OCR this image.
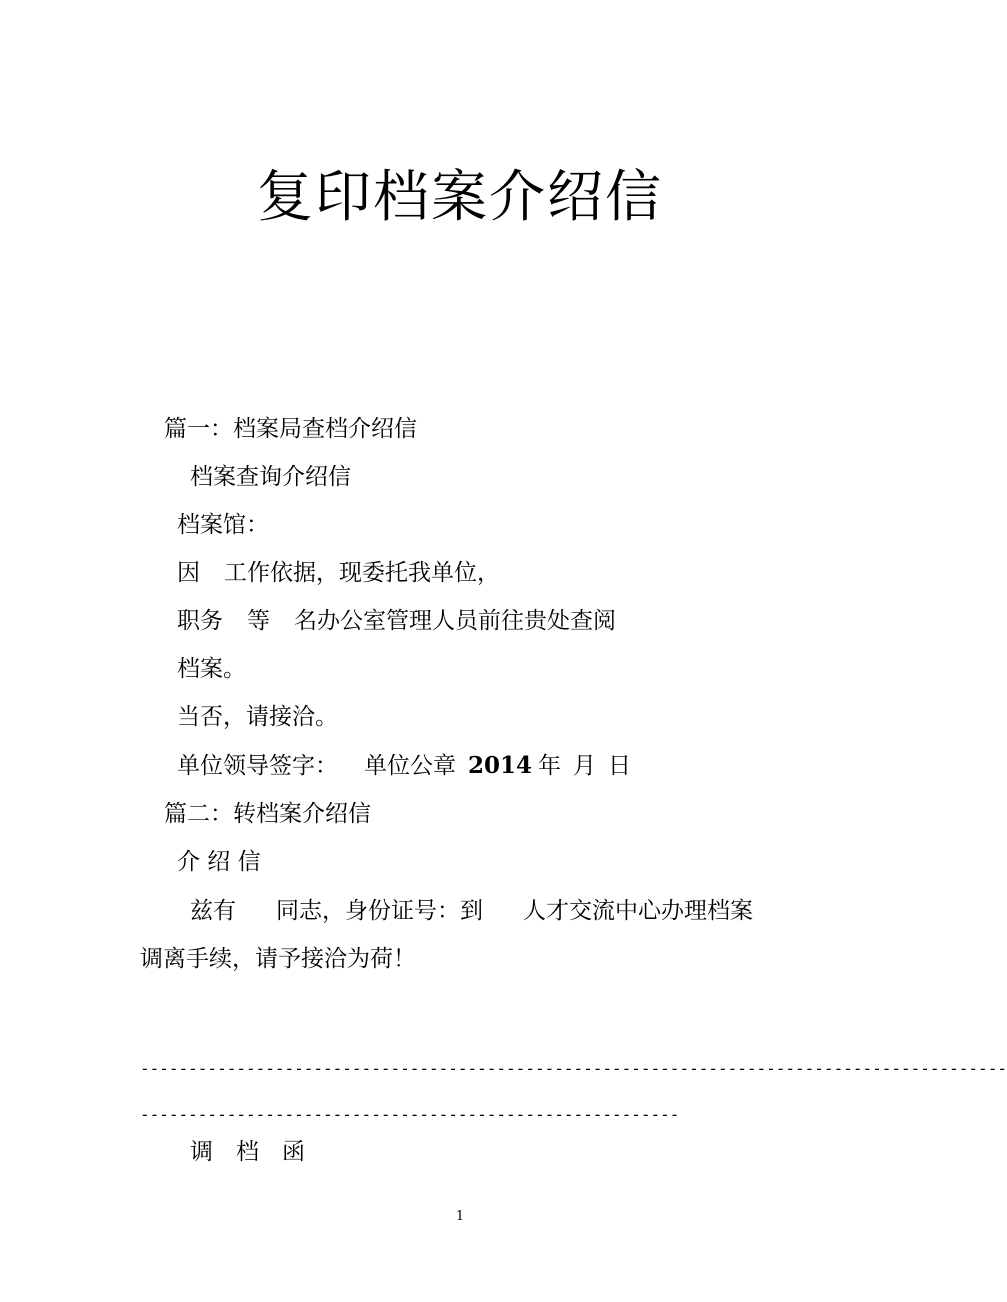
复印档案介绍信

篇一：档案局查档介绍信

档案查询介绍信

档案馆：

因 工作依据，现委托我单位，

职务 等 名办公室管理人员前往贵处查阅

档案。

当否，请接洽。

单位领导签字： 单位公章 2014 年 月 日

篇二：转档案介绍信

介 绍 信

兹有 同志，身份证号：到 人才交流中心办理档案

调离手续，请予接洽为荷！

------------------------------------------------------------------------------------------
--------------------------------------------------------

调　档　函

1
